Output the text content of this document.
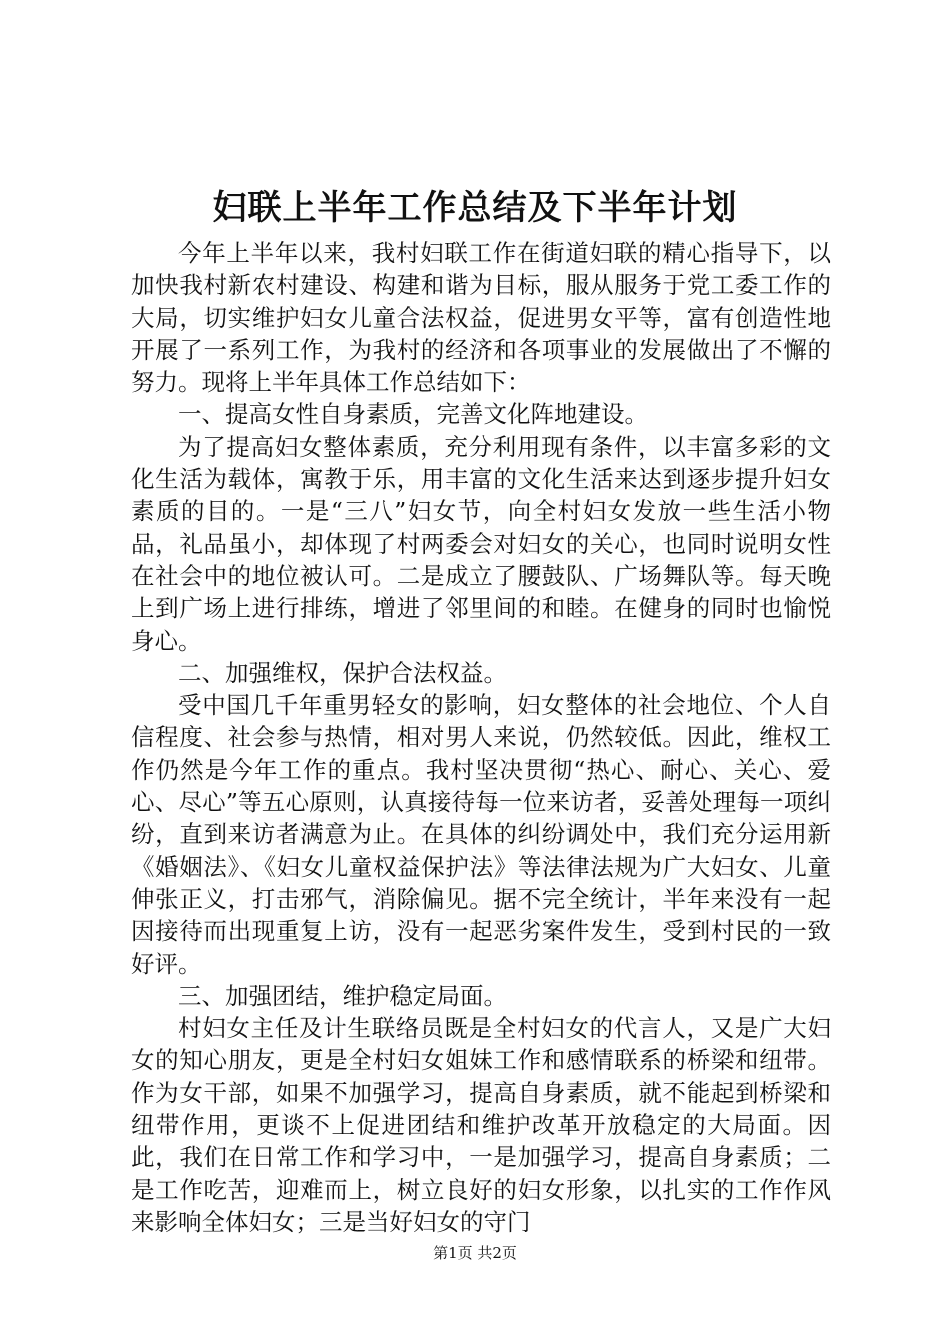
妇联上半年工作总结及下半年计划

今年上半年以来，我村妇联工作在街道妇联的精心指导下，以加快我村新农村建设、构建和谐为目标，服从服务于党工委工作的大局，切实维护妇女儿童合法权益，促进男女平等，富有创造性地开展了一系列工作，为我村的经济和各项事业的发展做出了不懈的努力。现将上半年具体工作总结如下：

一、提高女性自身素质，完善文化阵地建设。

为了提高妇女整体素质，充分利用现有条件，以丰富多彩的文化生活为载体，寓教于乐，用丰富的文化生活来达到逐步提升妇女素质的目的。一是“三八”妇女节，向全村妇女发放一些生活小物品，礼品虽小，却体现了村两委会对妇女的关心，也同时说明女性在社会中的地位被认可。二是成立了腰鼓队、广场舞队等。每天晚上到广场上进行排练，增进了邻里间的和睦。在健身的同时也愉悦身心。

二、加强维权，保护合法权益。

受中国几千年重男轻女的影响，妇女整体的社会地位、个人自信程度、社会参与热情，相对男人来说，仍然较低。因此，维权工作仍然是今年工作的重点。我村坚决贯彻“热心、耐心、关心、爱心、尽心”等五心原则，认真接待每一位来访者，妥善处理每一项纠纷，直到来访者满意为止。在具体的纠纷调处中，我们充分运用新《婚姻法》、《妇女儿童权益保护法》等法律法规为广大妇女、儿童伸张正义，打击邪气，消除偏见。据不完全统计，半年来没有一起因接待而出现重复上访，没有一起恶劣案件发生，受到村民的一致好评。

三、加强团结，维护稳定局面。

村妇女主任及计生联络员既是全村妇女的代言人，又是广大妇女的知心朋友，更是全村妇女姐妹工作和感情联系的桥梁和纽带。作为女干部，如果不加强学习，提高自身素质，就不能起到桥梁和纽带作用，更谈不上促进团结和维护改革开放稳定的大局面。因此，我们在日常工作和学习中，一是加强学习，提高自身素质；二是工作吃苦，迎难而上，树立良好的妇女形象，以扎实的工作作风来影响全体妇女；三是当好妇女的守门

第1页 共2页
